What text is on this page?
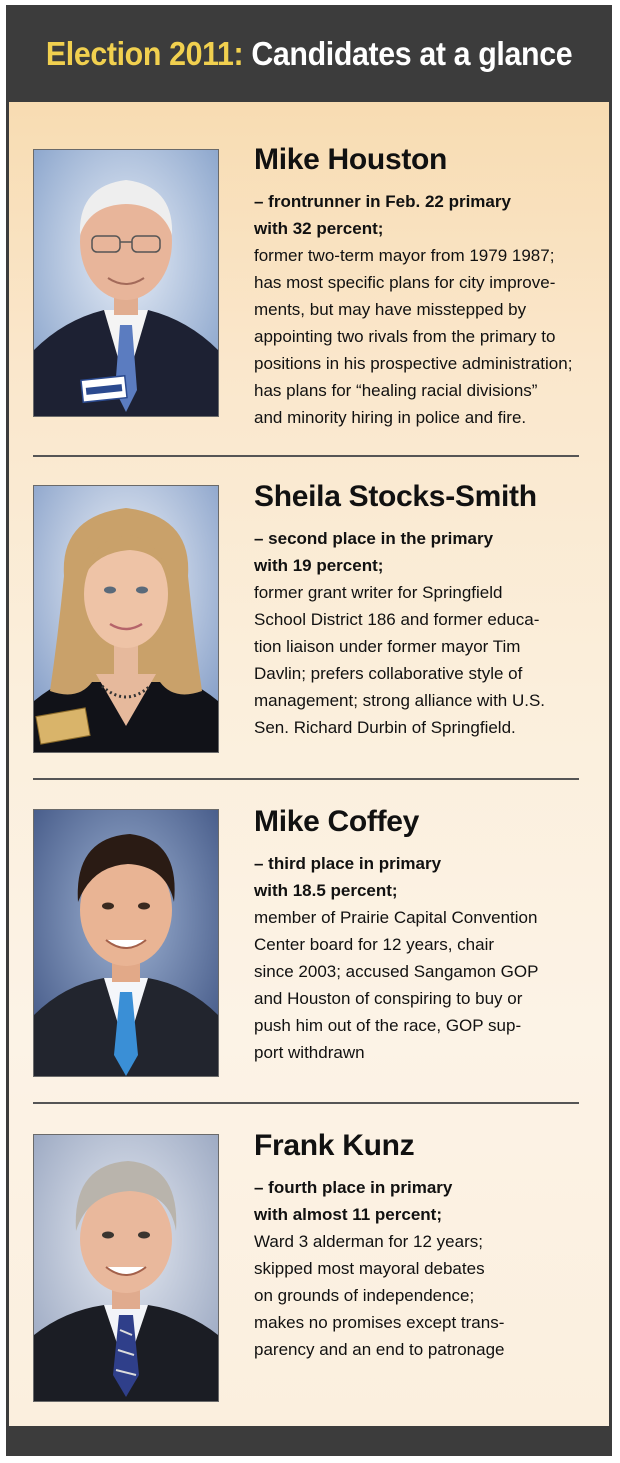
Election 2011: Candidates at a glance
Mike Houston
– frontrunner in Feb. 22 primary
with 32 percent;
former two-term mayor from 1979 1987;
has most specific plans for city improve-
ments, but may have misstepped by
appointing two rivals from the primary to
positions in his prospective administration;
has plans for “healing racial divisions”
and minority hiring in police and fire.
Sheila Stocks-Smith
– second place in the primary
with 19 percent;
former grant writer for Springfield
School District 186 and former educa-
tion liaison under former mayor Tim
Davlin; prefers collaborative style of
management; strong alliance with U.S.
Sen. Richard Durbin of Springfield.
Mike Coffey
– third place in primary
with 18.5 percent;
member of Prairie Capital Convention
Center board for 12 years, chair
since 2003; accused Sangamon GOP
and Houston of conspiring to buy or
push him out of the race, GOP sup-
port withdrawn
Frank Kunz
– fourth place in primary
with almost 11 percent;
Ward 3 alderman for 12 years;
skipped most mayoral debates
on grounds of independence;
makes no promises except trans-
parency and an end to patronage
